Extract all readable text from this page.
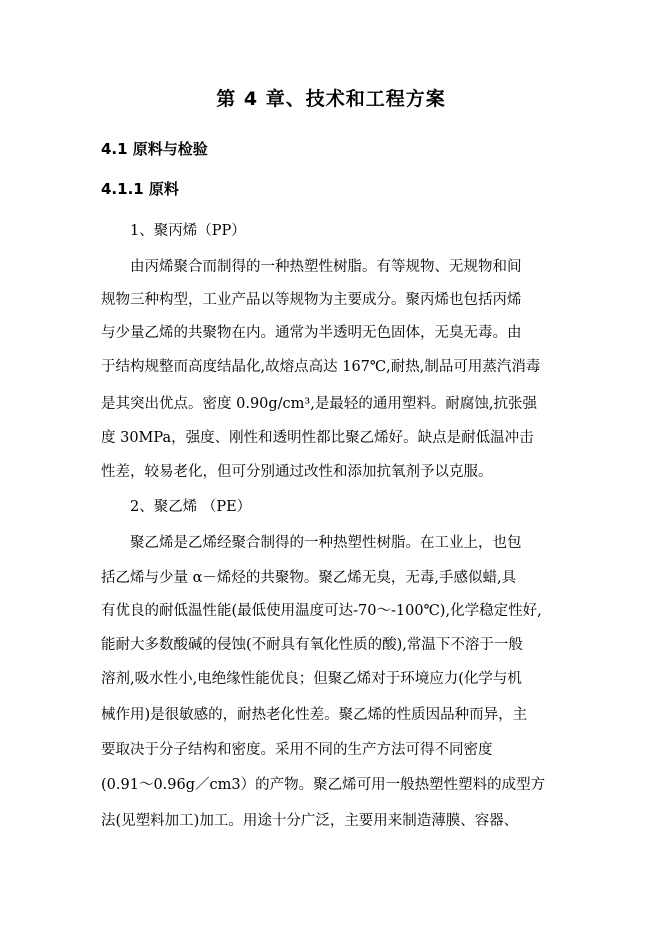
第 4 章、技术和工程方案
4.1 原料与检验
4.1.1 原料
1、聚丙烯（PP）
由丙烯聚合而制得的一种热塑性树脂。有等规物、无规物和间
规物三种构型，工业产品以等规物为主要成分。聚丙烯也包括丙烯
与少量乙烯的共聚物在内。通常为半透明无色固体，无臭无毒。由
于结构规整而高度结晶化,故熔点高达 167℃,耐热,制品可用蒸汽消毒
是其突出优点。密度 0.90g/cm³,是最轻的通用塑料。耐腐蚀,抗张强
度 30MPa，强度、刚性和透明性都比聚乙烯好。缺点是耐低温冲击
性差，较易老化，但可分别通过改性和添加抗氧剂予以克服。
2、聚乙烯 （PE）
聚乙烯是乙烯经聚合制得的一种热塑性树脂。在工业上，也包
括乙烯与少量 α－烯烃的共聚物。聚乙烯无臭，无毒,手感似蜡,具
有优良的耐低温性能(最低使用温度可达-70～-100℃),化学稳定性好,
能耐大多数酸碱的侵蚀(不耐具有氧化性质的酸),常温下不溶于一般
溶剂,吸水性小,电绝缘性能优良；但聚乙烯对于环境应力(化学与机
械作用)是很敏感的，耐热老化性差。聚乙烯的性质因品种而异，主
要取决于分子结构和密度。采用不同的生产方法可得不同密度
(0.91～0.96g／cm3）的产物。聚乙烯可用一般热塑性塑料的成型方
法(见塑料加工)加工。用途十分广泛，主要用来制造薄膜、容器、
